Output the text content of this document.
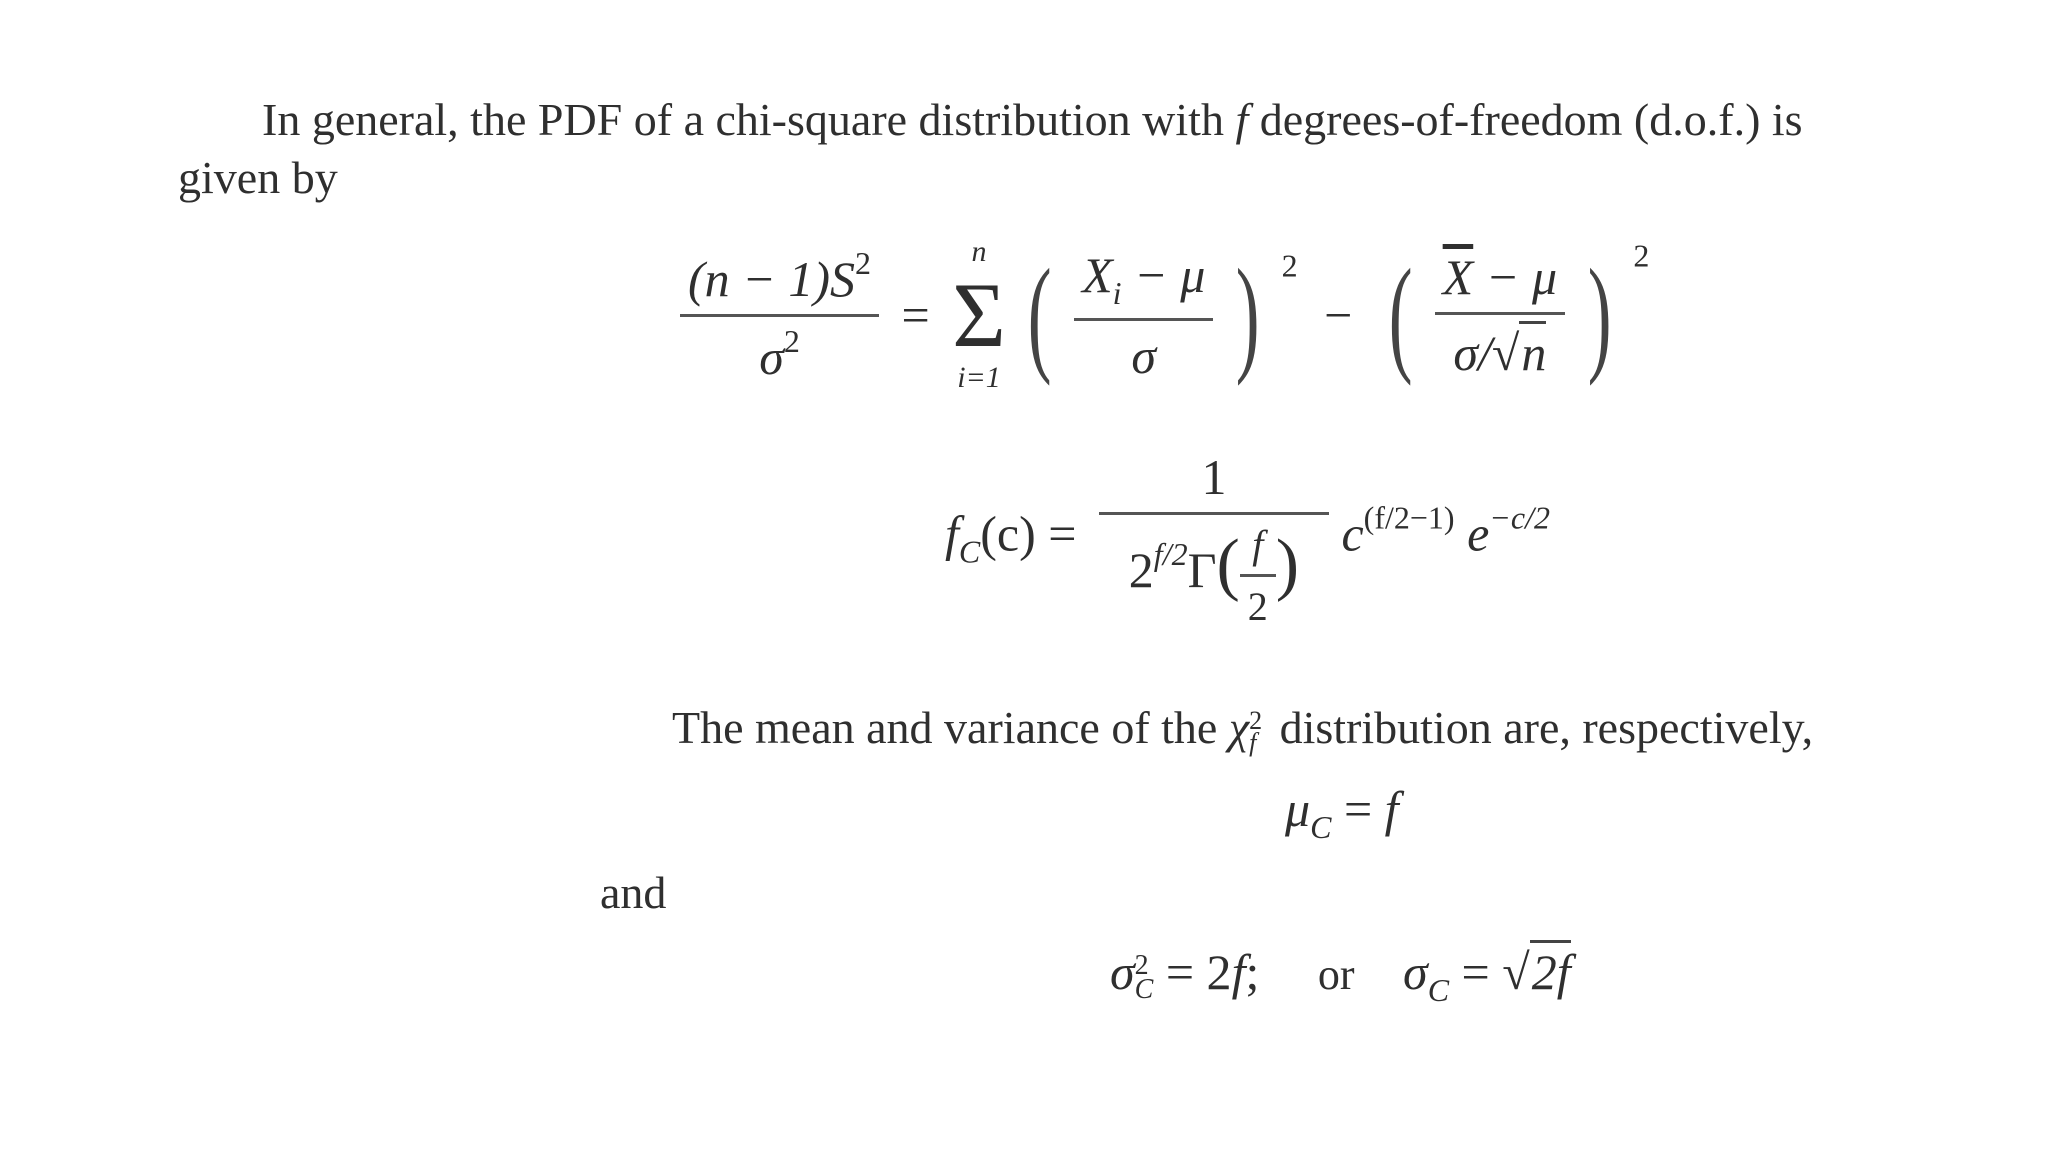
In general, the PDF of a chi-square distribution with f degrees-of-freedom (d.o.f.) is
given by
$\frac{(n - 1)S^2}{\sigma^2}$ =
n
Σ
i=1 ( $\frac{X_i - \mu}{\sigma}$ ) $^2$ − ( $\frac{\overline{X} - \mu}{\sigma/√n}$ ) $^2$
$f_C(c) = \frac{1}{2^{f/2}\Gamma( \frac{f}{2} )} c^{(f/2-1)}$ $e^{-c/2}$
The mean and variance of the χ 2
f distribution are, respectively,
$\mu_C = f$
and
σ 2
C = 2f; or $\sigma_C = √2f$
